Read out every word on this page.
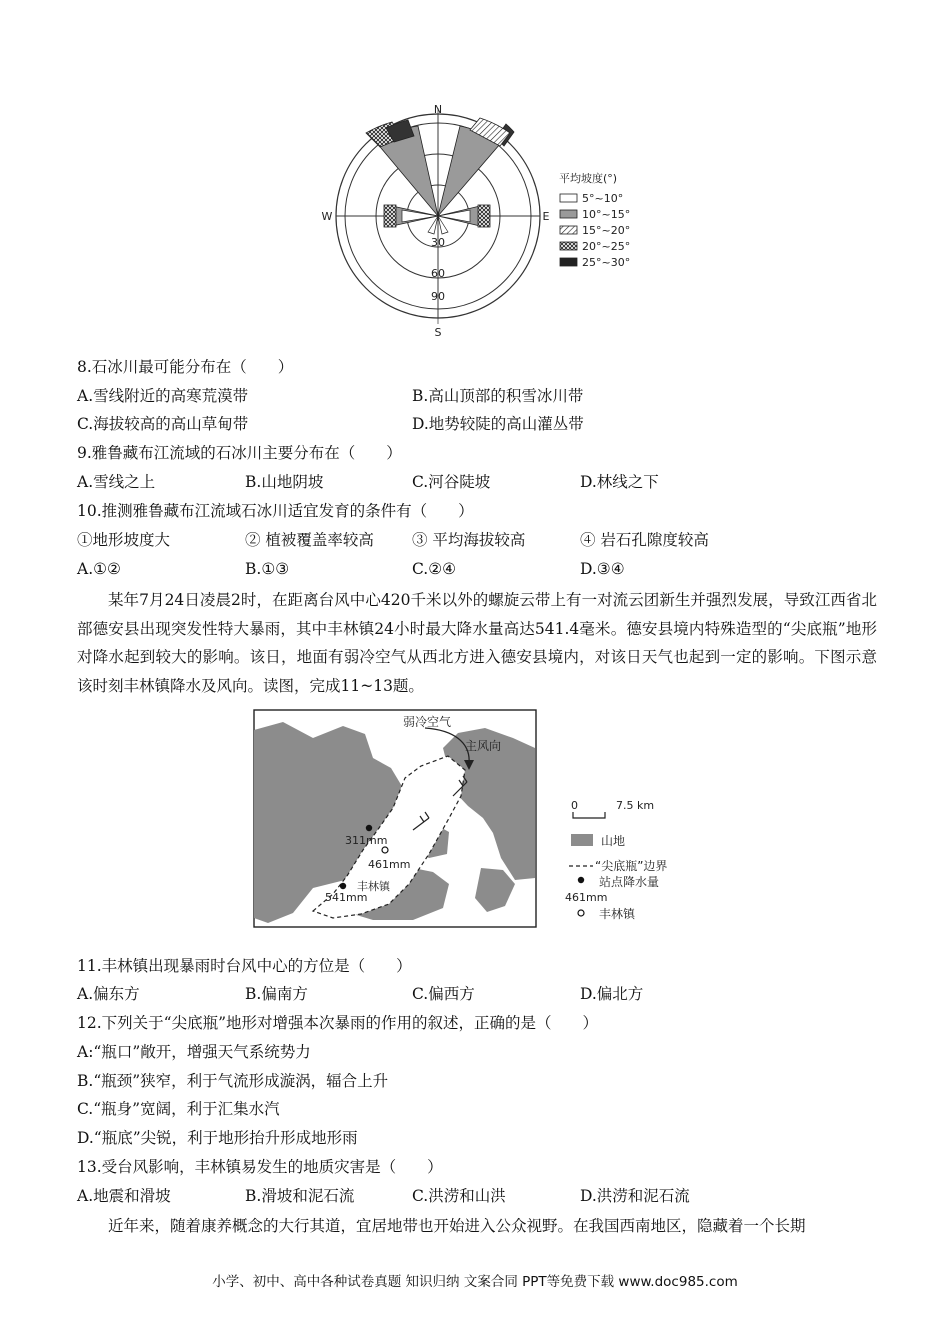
N
S
W	E
30
60
90
平均坡度(°)
5°~10°
10°~15°
15°~20°
20°~25°
25°~30°
8.石冰川最可能分布在（　　）
A.雪线附近的高寒荒漠带	B.高山顶部的积雪冰川带
C.海拔较高的高山草甸带	D.地势较陡的高山灌丛带
9.雅鲁藏布江流域的石冰川主要分布在（　　）
A.雪线之上	B.山地阴坡	C.河谷陡坡	D.林线之下
10.推测雅鲁藏布江流域石冰川适宜发育的条件有（　　）
①地形坡度大	② 植被覆盖率较高 ③ 平均海拔较高	④ 岩石孔隙度较高
A.①②	B.①③	C.②④	D.③④
某年7月24日凌晨2时，在距离台风中心420千米以外的螺旋云带上有一对流云团新生并强烈发展，导致江西省北部德安县出现突发性特大暴雨，其中丰林镇24小时最大降水量高达541.4毫米。德安县境内特殊造型的“尖底瓶”地形对降水起到较大的影响。该日，地面有弱冷空气从西北方进入德安县境内，对该日天气也起到一定的影响。下图示意该时刻丰林镇降水及风向。读图，完成11~13题。
弱冷空气
主风向
311mm
461mm
丰林镇
541mm
0	7.5 km
山地
“尖底瓶”边界
站点降水量
461mm
丰林镇
11.丰林镇出现暴雨时台风中心的方位是（　　）
A.偏东方	B.偏南方	C.偏西方	D.偏北方
12.下列关于“尖底瓶”地形对增强本次暴雨的作用的叙述，正确的是（　　）
A:“瓶口”敞开，增强天气系统势力
B.“瓶颈”狭窄，利于气流形成漩涡，辐合上升
C.“瓶身”宽阔，利于汇集水汽
D.“瓶底”尖锐，利于地形抬升形成地形雨
13.受台风影响，丰林镇易发生的地质灾害是（　　）
A.地震和滑坡	B.滑坡和泥石流	C.洪涝和山洪	D.洪涝和泥石流
近年来，随着康养概念的大行其道，宜居地带也开始进入公众视野。在我国西南地区，隐藏着一个长期
小学、初中、高中各种试卷真题 知识归纳 文案合同 PPT等免费下载 www.doc985.com
